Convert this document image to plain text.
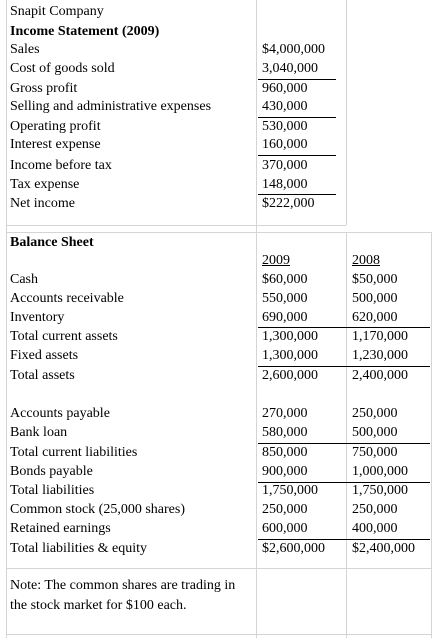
Snapit Company
Income Statement (2009)
Sales	$4,000,000
Cost of goods sold	3,040,000
Gross profit	960,000
Selling and administrative expenses	430,000
Operating profit	530,000
Interest expense	160,000
Income before tax	370,000
Tax expense	148,000
Net income	$222,000
Balance Sheet
2009	2008
Cash	$60,000	$50,000
Accounts receivable	550,000	500,000
Inventory	690,000	620,000
Total current assets	1,300,000 1,170,000
Fixed assets	1,300,000 1,230,000
Total assets	2,600,000 2,400,000
Accounts payable	270,000	250,000
Bank loan	580,000	500,000
Total current liabilities	850,000	750,000
Bonds payable	900,000	1,000,000
Total liabilities	1,750,000 1,750,000
Common stock (25,000 shares)	250,000	250,000
Retained earnings	600,000	400,000
Total liabilities & equity	$2,600,000 $2,400,000
Note: The common shares are trading in the stock market for $100 each.
